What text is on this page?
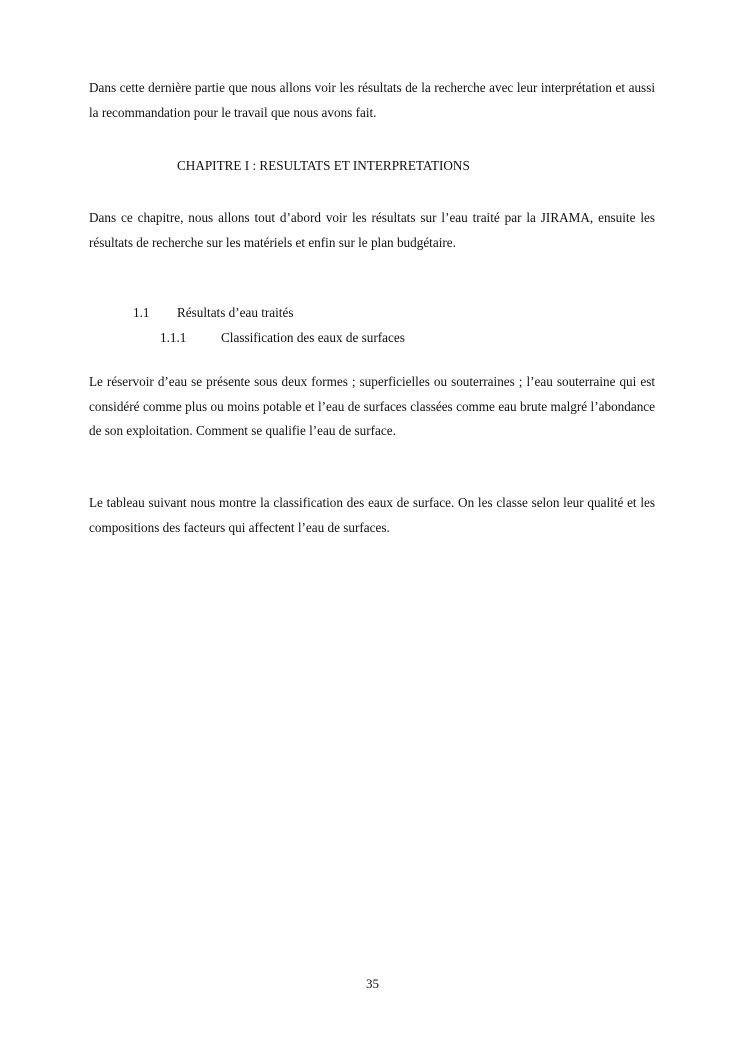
Dans cette dernière partie que nous allons voir les résultats de la recherche avec leur interprétation et aussi la recommandation pour le travail que nous avons fait.

CHAPITRE I : RESULTATS ET INTERPRETATIONS

Dans ce chapitre, nous allons tout d’abord voir les résultats sur l’eau traité par la JIRAMA, ensuite les résultats de recherche sur les matériels et enfin sur le plan budgétaire.

1.1 Résultats d’eau traités
1.1.1	Classification des eaux de surfaces

Le réservoir d’eau se présente sous deux formes ; superficielles ou souterraines ; l’eau souterraine qui est considéré comme plus ou moins potable et l’eau de surfaces classées comme eau brute malgré l’abondance de son exploitation. Comment se qualifie l’eau de surface.

Le tableau suivant nous montre la classification des eaux de surface. On les classe selon leur qualité et les compositions des facteurs qui affectent l’eau de surfaces.

35
